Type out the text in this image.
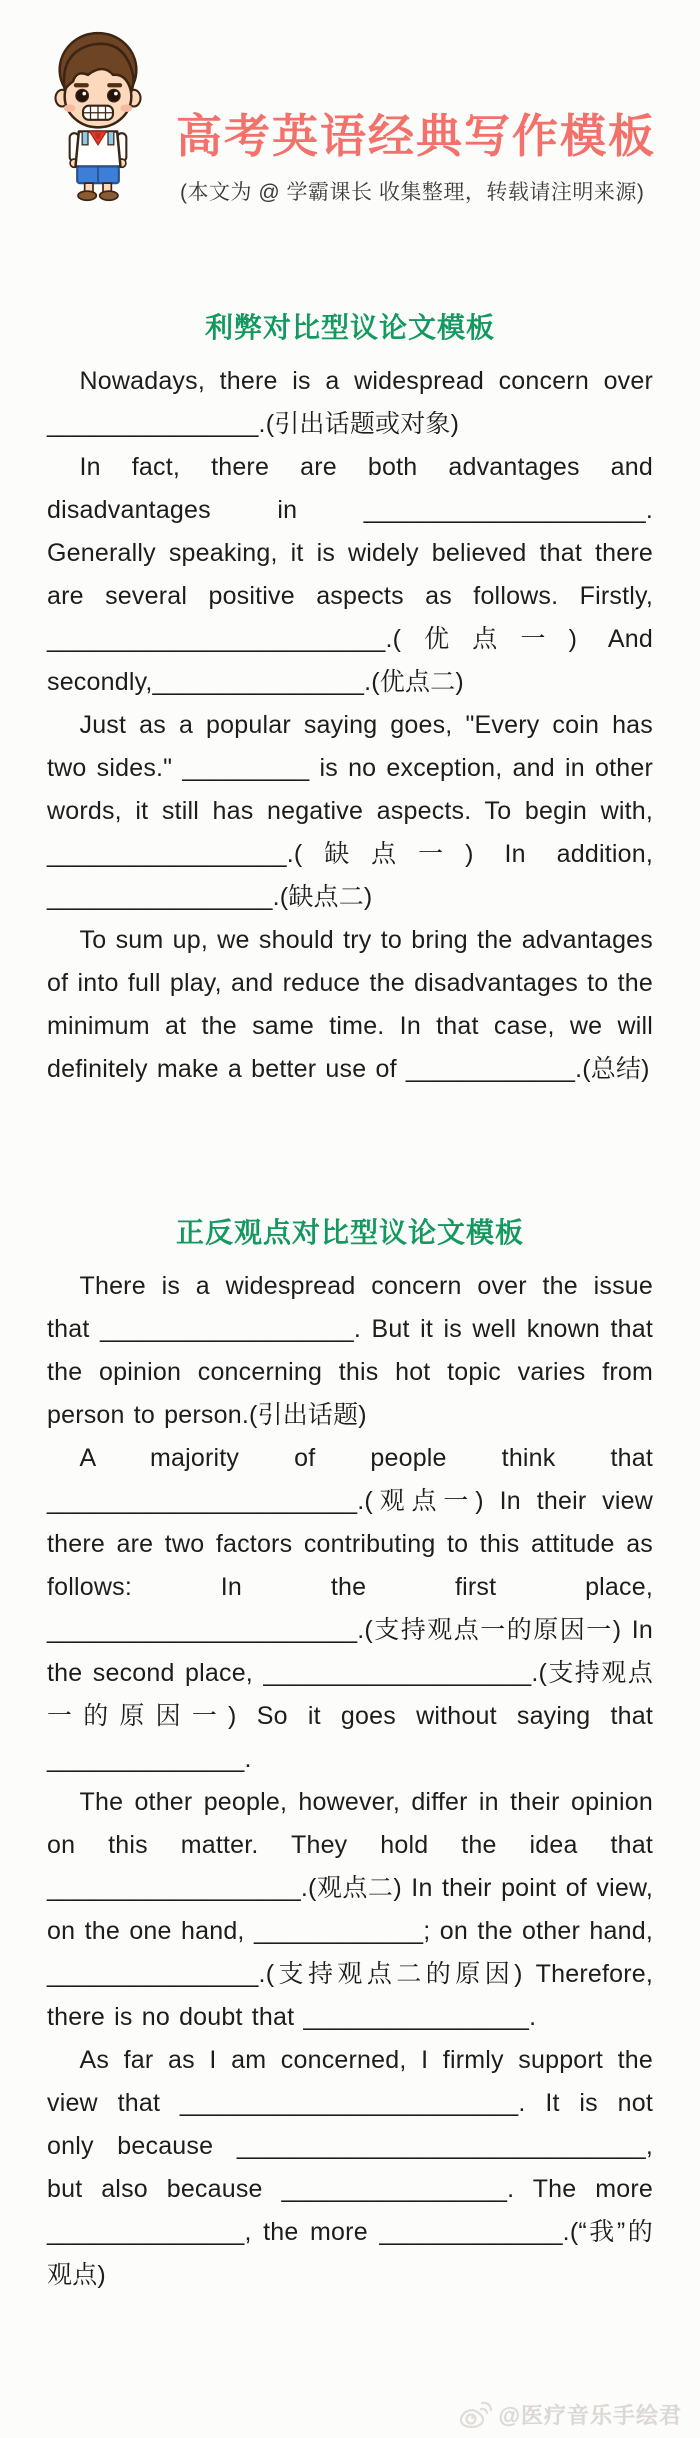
高考英语经典写作模板
(本文为 @ 学霸课长 收集整理，转载请注明来源)
利弊对比型议论文模板

Nowadays, there is a widespread concern over _______________.(引出话题或对象)

In fact, there are both advantages and disadvantages in ____________________. Generally speaking, it is widely believed that there are several positive aspects as follows. Firstly, ________________________.(优点一) And secondly,_______________.(优点二)

Just as a popular saying goes, "Every coin has two sides." _________ is no exception, and in other words, it still has negative aspects. To begin with, _________________.(缺点一) In addition, ________________.(缺点二)

To sum up, we should try to bring the advantages of into full play, and reduce the disadvantages to the minimum at the same time. In that case, we will definitely make a better use of ____________.(总结)

正反观点对比型议论文模板

There is a widespread concern over the issue that __________________. But it is well known that the opinion concerning this hot topic varies from person to person.(引出话题)

A majority of people think that ______________________.(观点一) In their view there are two factors contributing to this attitude as follows: In the first place, ______________________.(支持观点一的原因一) In the second place, ___________________.(支持观点一的原因一) So it goes without saying that ______________.

The other people, however, differ in their opinion on this matter. They hold the idea that __________________.(观点二) In their point of view, on the one hand, ____________; on the other hand, _______________.(支持观点二的原因) Therefore, there is no doubt that ________________.

As far as I am concerned, I firmly support the view that ________________________. It is not only because _____________________________, but also because ________________. The more ______________, the more _____________.(“我”的观点)

@医疗音乐手绘君
